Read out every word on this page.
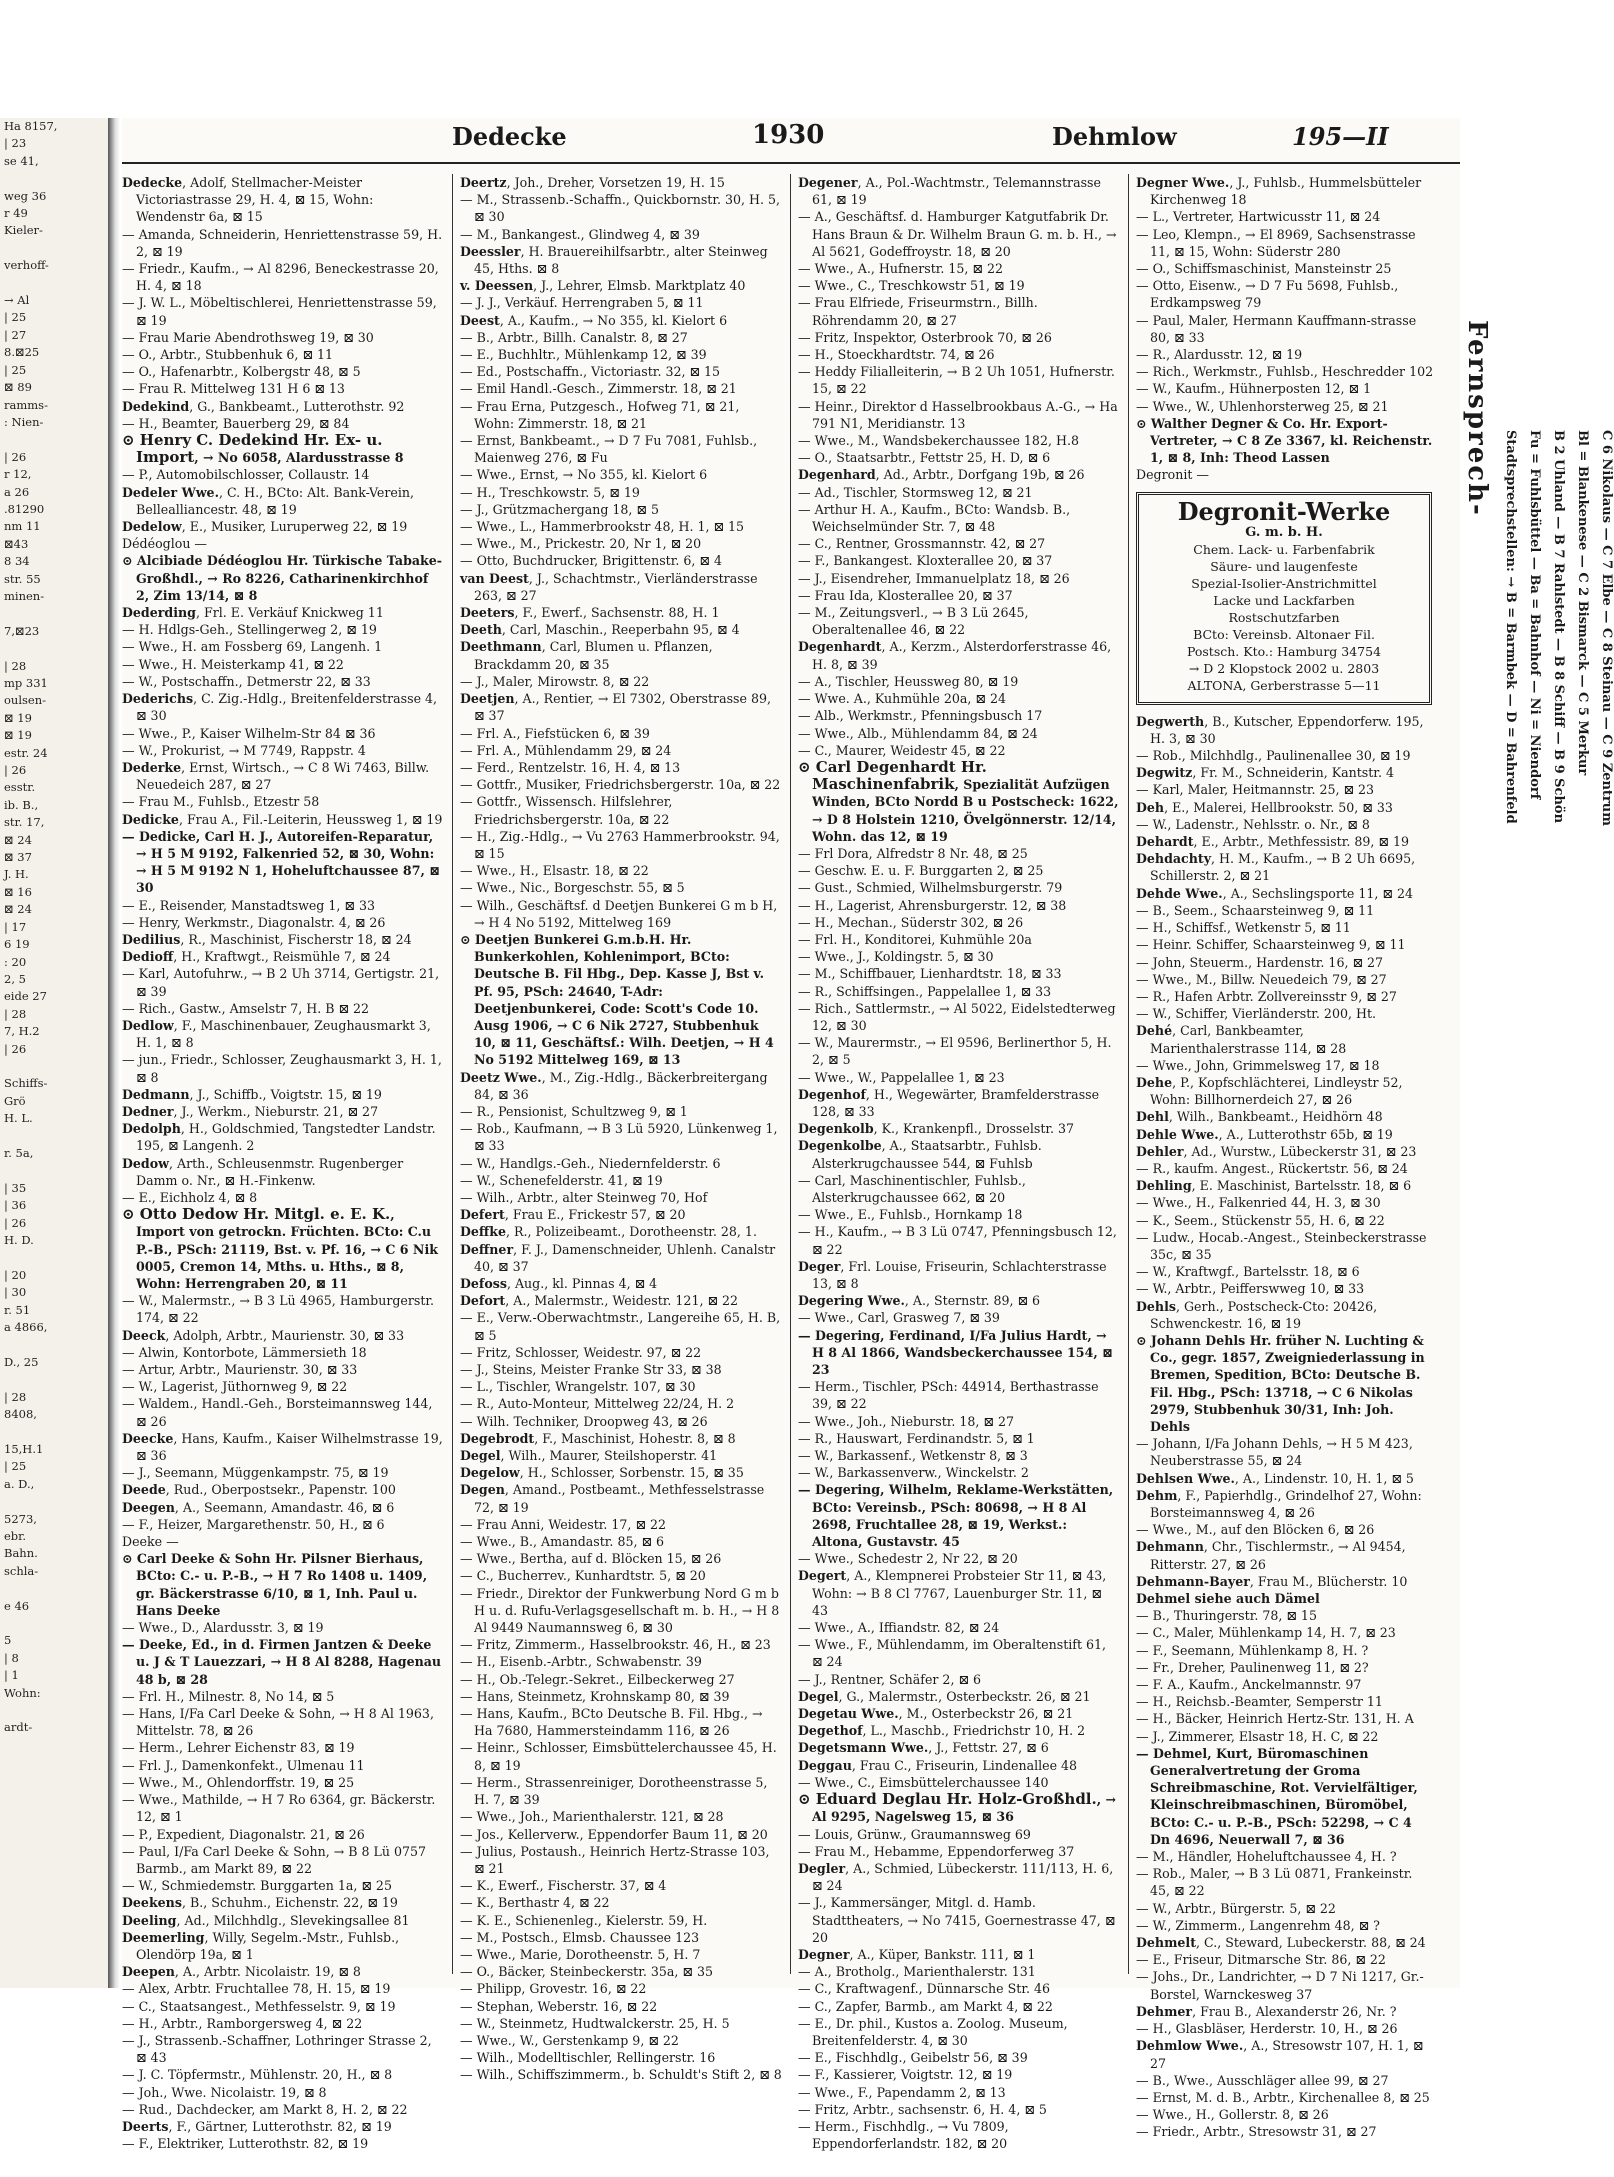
Ha 8157,
| 23
se 41,

weg 36
r 49
Kieler-

verhoff-

→ Al
| 25
| 27
8.⊠25
| 25
⊠ 89
ramms-
: Nien-

| 26
r 12,
a 26
.81290
nm 11
⊠43
8 34
str. 55
minen-

7,⊠23

| 28
mp 331
oulsen-
⊠ 19
⊠ 19
estr. 24
| 26
esstr.
ib. B.,
str. 17,
⊠ 24
⊠ 37
J. H.
⊠ 16
⊠ 24
| 17
6 19
: 20
2, 5
eide 27
| 28
7, H.2
| 26

Schiffs-
Grö
H. L.

r. 5a,

| 35
| 36
| 26
H. D.

| 20
| 30
r. 51
a 4866,

D., 25

| 28
8408,

15,H.1
| 25
a. D.,

5273,
ebr.
Bahn.
schla-

e 46

5
| 8
| 1
Wohn:

ardt-
Dedecke	1930	Dehmlow	195—II

Dedecke, Adolf, Stellmacher-Meister Victoriastrasse 29, H. 4, ⊠ 15, Wohn: Wendenstr 6a, ⊠ 15

— Amanda, Schneiderin, Henriettenstrasse 59, H. 2, ⊠ 19

— Friedr., Kaufm., → Al 8296, Beneckestrasse 20, H. 4, ⊠ 18

— J. W. L., Möbeltischlerei, Henriettenstrasse 59, ⊠ 19

— Frau Marie Abendrothsweg 19, ⊠ 30

— O., Arbtr., Stubbenhuk 6, ⊠ 11

— O., Hafenarbtr., Kolbergstr 48, ⊠ 5

— Frau R. Mittelweg 131 H 6 ⊠ 13

Dedekind, G., Bankbeamt., Lutterothstr. 92

— H., Beamter, Bauerberg 29, ⊠ 84

⊙ Henry C. Dedekind Hr. Ex- u. Import, → No 6058, Alardusstrasse 8

— P., Automobilschlosser, Collaustr. 14

Dedeler Wwe., C. H., BCto: Alt. Bank-Verein, Bellealliancestr. 48, ⊠ 19

Dedelow, E., Musiker, Luruperweg 22, ⊠ 19

Dédéoglou —

⊙ Alcibiade Dédéoglou Hr. Türkische Tabake-Großhdl., → Ro 8226, Catharinenkirchhof 2, Zim 13/14, ⊠ 8

Dederding, Frl. E. Verkäuf Knickweg 11

— H. Hdlgs-Geh., Stellingerweg 2, ⊠ 19

— Wwe., H. am Fossberg 69, Langenh. 1

— Wwe., H. Meisterkamp 41, ⊠ 22

— W., Postschaffn., Detmerstr 22, ⊠ 33

Dederichs, C. Zig.-Hdlg., Breitenfelderstrasse 4, ⊠ 30

— Wwe., P., Kaiser Wilhelm-Str 84 ⊠ 36

— W., Prokurist, → M 7749, Rappstr. 4

Dederke, Ernst, Wirtsch., → C 8 Wi 7463, Billw. Neuedeich 287, ⊠ 27

— Frau M., Fuhlsb., Etzestr 58

Dedicke, Frau A., Fil.-Leiterin, Heussweg 1, ⊠ 19

— Dedicke, Carl H. J., Autoreifen-Reparatur, → H 5 M 9192, Falkenried 52, ⊠ 30, Wohn: → H 5 M 9192 N 1, Hoheluftchaussee 87, ⊠ 30

— E., Reisender, Manstadtsweg 1, ⊠ 33

— Henry, Werkmstr., Diagonalstr. 4, ⊠ 26

Dedilius, R., Maschinist, Fischerstr 18, ⊠ 24

Dedioff, H., Kraftwgt., Reismühle 7, ⊠ 24

— Karl, Autofuhrw., → B 2 Uh 3714, Gertigstr. 21, ⊠ 39

— Rich., Gastw., Amselstr 7, H. B ⊠ 22

Dedlow, F., Maschinenbauer, Zeughausmarkt 3, H. 1, ⊠ 8

— jun., Friedr., Schlosser, Zeughausmarkt 3, H. 1, ⊠ 8

Dedmann, J., Schiffb., Voigtstr. 15, ⊠ 19

Dedner, J., Werkm., Nieburstr. 21, ⊠ 27

Dedolph, H., Goldschmied, Tangstedter Landstr. 195, ⊠ Langenh. 2

Dedow, Arth., Schleusenmstr. Rugenberger Damm o. Nr., ⊠ H.-Finkenw.

— E., Eichholz 4, ⊠ 8

⊙ Otto Dedow Hr. Mitgl. e. E. K., Import von getrockn. Früchten. BCto: C.u P.-B., PSch: 21119, Bst. v. Pf. 16, → C 6 Nik 0005, Cremon 14, Mths. u. Hths., ⊠ 8, Wohn: Herrengraben 20, ⊠ 11

— W., Malermstr., → B 3 Lü 4965, Hamburgerstr. 174, ⊠ 22

Deeck, Adolph, Arbtr., Maurienstr. 30, ⊠ 33

— Alwin, Kontorbote, Lämmersieth 18

— Artur, Arbtr., Maurienstr. 30, ⊠ 33

— W., Lagerist, Jüthornweg 9, ⊠ 22

— Waldem., Handl.-Geh., Borsteimannsweg 144, ⊠ 26

Deecke, Hans, Kaufm., Kaiser Wilhelmstrasse 19, ⊠ 36

— J., Seemann, Müggenkampstr. 75, ⊠ 19

Deede, Rud., Oberpostsekr., Papenstr. 100

Deegen, A., Seemann, Amandastr. 46, ⊠ 6

— F., Heizer, Margarethenstr. 50, H., ⊠ 6

Deeke —

⊙ Carl Deeke & Sohn Hr. Pilsner Bierhaus, BCto: C.- u. P.-B., → H 7 Ro 1408 u. 1409, gr. Bäckerstrasse 6/10, ⊠ 1, Inh. Paul u. Hans Deeke

— Wwe., D., Alardusstr. 3, ⊠ 19

— Deeke, Ed., in d. Firmen Jantzen & Deeke u. J & T Lauezzari, → H 8 Al 8288, Hagenau 48 b, ⊠ 28

— Frl. H., Milnestr. 8, No 14, ⊠ 5

— Hans, I/Fa Carl Deeke & Sohn, → H 8 Al 1963, Mittelstr. 78, ⊠ 26

— Herm., Lehrer Eichenstr 83, ⊠ 19

— Frl. J., Damenkonfekt., Ulmenau 11

— Wwe., M., Ohlendorffstr. 19, ⊠ 25

— Wwe., Mathilde, → H 7 Ro 6364, gr. Bäckerstr. 12, ⊠ 1

— P., Expedient, Diagonalstr. 21, ⊠ 26

— Paul, I/Fa Carl Deeke & Sohn, → B 8 Lü 0757 Barmb., am Markt 89, ⊠ 22

— W., Schmiedemstr. Burggarten 1a, ⊠ 25

Deekens, B., Schuhm., Eichenstr. 22, ⊠ 19

Deeling, Ad., Milchhdlg., Slevekingsallee 81

Deemerling, Willy, Segelm.-Mstr., Fuhlsb., Olendörp 19a, ⊠ 1

Deepen, A., Arbtr. Nicolaistr. 19, ⊠ 8

— Alex, Arbtr. Fruchtallee 78, H. 15, ⊠ 19

— C., Staatsangest., Methfesselstr. 9, ⊠ 19

— H., Arbtr., Ramborgersweg 4, ⊠ 22

— J., Strassenb.-Schaffner, Lothringer Strasse 2, ⊠ 43

— J. C. Töpfermstr., Mühlenstr. 20, H., ⊠ 8

— Joh., Wwe. Nicolaistr. 19, ⊠ 8

— Rud., Dachdecker, am Markt 8, H. 2, ⊠ 22

Deerts, F., Gärtner, Lutterothstr. 82, ⊠ 19

— F., Elektriker, Lutterothstr. 82, ⊠ 19

Deertz, Joh., Dreher, Vorsetzen 19, H. 15

— M., Strassenb.-Schaffn., Quickbornstr. 30, H. 5, ⊠ 30

— M., Bankangest., Glindweg 4, ⊠ 39

Deessler, H. Brauereihilfsarbtr., alter Steinweg 45, Hths. ⊠ 8

v. Deessen, J., Lehrer, Elmsb. Marktplatz 40

— J. J., Verkäuf. Herrengraben 5, ⊠ 11

Deest, A., Kaufm., → No 355, kl. Kielort 6

— B., Arbtr., Billh. Canalstr. 8, ⊠ 27

— E., Buchhltr., Mühlenkamp 12, ⊠ 39

— Ed., Postschaffn., Victoriastr. 32, ⊠ 15

— Emil Handl.-Gesch., Zimmerstr. 18, ⊠ 21

— Frau Erna, Putzgesch., Hofweg 71, ⊠ 21, Wohn: Zimmerstr. 18, ⊠ 21

— Ernst, Bankbeamt., → D 7 Fu 7081, Fuhlsb., Maienweg 276, ⊠ Fu

— Wwe., Ernst, → No 355, kl. Kielort 6

— H., Treschkowstr. 5, ⊠ 19

— J., Grützmachergang 18, ⊠ 5

— Wwe., L., Hammerbrookstr 48, H. 1, ⊠ 15

— Wwe., M., Prickestr. 20, Nr 1, ⊠ 20

— Otto, Buchdrucker, Brigittenstr. 6, ⊠ 4

van Deest, J., Schachtmstr., Vierländerstrasse 263, ⊠ 27

Deeters, F., Ewerf., Sachsenstr. 88, H. 1

Deeth, Carl, Maschin., Reeperbahn 95, ⊠ 4

Deethmann, Carl, Blumen u. Pflanzen, Brackdamm 20, ⊠ 35

— J., Maler, Mirowstr. 8, ⊠ 22

Deetjen, A., Rentier, → El 7302, Oberstrasse 89, ⊠ 37

— Frl. A., Fiefstücken 6, ⊠ 39

— Frl. A., Mühlendamm 29, ⊠ 24

— Ferd., Rentzelstr. 16, H. 4, ⊠ 13

— Gottfr., Musiker, Friedrichsbergerstr. 10a, ⊠ 22

— Gottfr., Wissensch. Hilfslehrer, Friedrichsbergerstr. 10a, ⊠ 22

— H., Zig.-Hdlg., → Vu 2763 Hammerbrookstr. 94, ⊠ 15

— Wwe., H., Elsastr. 18, ⊠ 22

— Wwe., Nic., Borgeschstr. 55, ⊠ 5

— Wilh., Geschäftsf. d Deetjen Bunkerei G m b H, → H 4 No 5192, Mittelweg 169

⊙ Deetjen Bunkerei G.m.b.H. Hr. Bunkerkohlen, Kohlenimport, BCto: Deutsche B. Fil Hbg., Dep. Kasse J, Bst v. Pf. 95, PSch: 24640, T-Adr: Deetjenbunkerei, Code: Scott's Code 10. Ausg 1906, → C 6 Nik 2727, Stubbenhuk 10, ⊠ 11, Geschäftsf.: Wilh. Deetjen, → H 4 No 5192 Mittelweg 169, ⊠ 13

Deetz Wwe., M., Zig.-Hdlg., Bäckerbreitergang 84, ⊠ 36

— R., Pensionist, Schultzweg 9, ⊠ 1

— Rob., Kaufmann, → B 3 Lü 5920, Lünkenweg 1, ⊠ 33

— W., Handlgs.-Geh., Niedernfelderstr. 6

— W., Schenefelderstr. 41, ⊠ 19

— Wilh., Arbtr., alter Steinweg 70, Hof

Defert, Frau E., Frickestr 57, ⊠ 20

Deffke, R., Polizeibeamt., Dorotheenstr. 28, 1.

Deffner, F. J., Damenschneider, Uhlenh. Canalstr 40, ⊠ 37

Defoss, Aug., kl. Pinnas 4, ⊠ 4

Defort, A., Malermstr., Weidestr. 121, ⊠ 22

— E., Verw.-Oberwachtmstr., Langereihe 65, H. B, ⊠ 5

— Fritz, Schlosser, Weidestr. 97, ⊠ 22

— J., Steins, Meister Franke Str 33, ⊠ 38

— L., Tischler, Wrangelstr. 107, ⊠ 30

— R., Auto-Monteur, Mittelweg 22/24, H. 2

— Wilh. Techniker, Droopweg 43, ⊠ 26

Degebrodt, F., Maschinist, Hohestr. 8, ⊠ 8

Degel, Wilh., Maurer, Steilshoperstr. 41

Degelow, H., Schlosser, Sorbenstr. 15, ⊠ 35

Degen, Amand., Postbeamt., Methfesselstrasse 72, ⊠ 19

— Frau Anni, Weidestr. 17, ⊠ 22

— Wwe., B., Amandastr. 85, ⊠ 6

— Wwe., Bertha, auf d. Blöcken 15, ⊠ 26

— C., Bucherrev., Kunhardtstr. 5, ⊠ 20

— Friedr., Direktor der Funkwerbung Nord G m b H u. d. Rufu-Verlagsgesellschaft m. b. H., → H 8 Al 9449 Naumannsweg 6, ⊠ 30

— Fritz, Zimmerm., Hasselbrookstr. 46, H., ⊠ 23

— H., Eisenb.-Arbtr., Schwabenstr. 39

— H., Ob.-Telegr.-Sekret., Eilbeckerweg 27

— Hans, Steinmetz, Krohnskamp 80, ⊠ 39

— Hans, Kaufm., BCto Deutsche B. Fil. Hbg., → Ha 7680, Hammersteindamm 116, ⊠ 26

— Heinr., Schlosser, Eimsbüttelerchaussee 45, H. 8, ⊠ 19

— Herm., Strassenreiniger, Dorotheenstrasse 5, H. 7, ⊠ 39

— Wwe., Joh., Marienthalerstr. 121, ⊠ 28

— Jos., Kellerverw., Eppendorfer Baum 11, ⊠ 20

— Julius, Postaush., Heinrich Hertz-Strasse 103, ⊠ 21

— K., Ewerf., Fischerstr. 37, ⊠ 4

— K., Berthastr 4, ⊠ 22

— K. E., Schienenleg., Kielerstr. 59, H.

— M., Postsch., Elmsb. Chaussee 123

— Wwe., Marie, Dorotheenstr. 5, H. 7

— O., Bäcker, Steinbeckerstr. 35a, ⊠ 35

— Philipp, Grovestr. 16, ⊠ 22

— Stephan, Weberstr. 16, ⊠ 22

— W., Steinmetz, Hudtwalckerstr. 25, H. 5

— Wwe., W., Gerstenkamp 9, ⊠ 22

— Wilh., Modelltischler, Rellingerstr. 16

— Wilh., Schiffszimmerm., b. Schuldt's Stift 2, ⊠ 8

Degener, A., Pol.-Wachtmstr., Telemannstrasse 61, ⊠ 19

— A., Geschäftsf. d. Hamburger Katgutfabrik Dr. Hans Braun & Dr. Wilhelm Braun G. m. b. H., → Al 5621, Godeffroystr. 18, ⊠ 20

— Wwe., A., Hufnerstr. 15, ⊠ 22

— Wwe., C., Treschkowstr 51, ⊠ 19

— Frau Elfriede, Friseurmstrn., Billh. Röhrendamm 20, ⊠ 27

— Fritz, Inspektor, Osterbrook 70, ⊠ 26

— H., Stoeckhardtstr. 74, ⊠ 26

— Heddy Filialleiterin, → B 2 Uh 1051, Hufnerstr. 15, ⊠ 22

— Heinr., Direktor d Hasselbrookbaus A.-G., → Ha 791 N1, Meridianstr. 13

— Wwe., M., Wandsbekerchaussee 182, H.8

— O., Staatsarbtr., Fettstr 25, H. D, ⊠ 6

Degenhard, Ad., Arbtr., Dorfgang 19b, ⊠ 26

— Ad., Tischler, Stormsweg 12, ⊠ 21

— Arthur H. A., Kaufm., BCto: Wandsb. B., Weichselmünder Str. 7, ⊠ 48

— C., Rentner, Grossmannstr. 42, ⊠ 27

— F., Bankangest. Kloxterallee 20, ⊠ 37

— J., Eisendreher, Immanuelplatz 18, ⊠ 26

— Frau Ida, Klosterallee 20, ⊠ 37

— M., Zeitungsverl., → B 3 Lü 2645, Oberaltenallee 46, ⊠ 22

Degenhardt, A., Kerzm., Alsterdorferstrasse 46, H. 8, ⊠ 39

— A., Tischler, Heussweg 80, ⊠ 19

— Wwe. A., Kuhmühle 20a, ⊠ 24

— Alb., Werkmstr., Pfenningsbusch 17

— Wwe., Alb., Mühlendamm 84, ⊠ 24

— C., Maurer, Weidestr 45, ⊠ 22

⊙ Carl Degenhardt Hr. Maschinenfabrik, Spezialität Aufzügen Winden, BCto Nordd B u Postscheck: 1622, → D 8 Holstein 1210, Övelgönnerstr. 12/14, Wohn. das 12, ⊠ 19

— Frl Dora, Alfredstr 8 Nr. 48, ⊠ 25

— Geschw. E. u. F. Burggarten 2, ⊠ 25

— Gust., Schmied, Wilhelmsburgerstr. 79

— H., Lagerist, Ahrensburgerstr. 12, ⊠ 38

— H., Mechan., Süderstr 302, ⊠ 26

— Frl. H., Konditorei, Kuhmühle 20a

— Wwe., J., Koldingstr. 5, ⊠ 30

— M., Schiffbauer, Lienhardtstr. 18, ⊠ 33

— R., Schiffsingen., Pappelallee 1, ⊠ 33

— Rich., Sattlermstr., → Al 5022, Eidelstedterweg 12, ⊠ 30

— W., Maurermstr., → El 9596, Berlinerthor 5, H. 2, ⊠ 5

— Wwe., W., Pappelallee 1, ⊠ 23

Degenhof, H., Wegewärter, Bramfelderstrasse 128, ⊠ 33

Degenkolb, K., Krankenpfl., Drosselstr. 37

Degenkolbe, A., Staatsarbtr., Fuhlsb. Alsterkrugchaussee 544, ⊠ Fuhlsb

— Carl, Maschinentischler, Fuhlsb., Alsterkrugchaussee 662, ⊠ 20

— Wwe., E., Fuhlsb., Hornkamp 18

— H., Kaufm., → B 3 Lü 0747, Pfenningsbusch 12, ⊠ 22

Deger, Frl. Louise, Friseurin, Schlachterstrasse 13, ⊠ 8

Degering Wwe., A., Sternstr. 89, ⊠ 6

— Wwe., Carl, Grasweg 7, ⊠ 39

— Degering, Ferdinand, I/Fa Julius Hardt, → H 8 Al 1866, Wandsbeckerchaussee 154, ⊠ 23

— Herm., Tischler, PSch: 44914, Berthastrasse 39, ⊠ 22

— Wwe., Joh., Nieburstr. 18, ⊠ 27

— R., Hauswart, Ferdinandstr. 5, ⊠ 1

— W., Barkassenf., Wetkenstr 8, ⊠ 3

— W., Barkassenverw., Winckelstr. 2

— Degering, Wilhelm, Reklame-Werkstätten, BCto: Vereinsb., PSch: 80698, → H 8 Al 2698, Fruchtallee 28, ⊠ 19, Werkst.: Altona, Gustavstr. 45

— Wwe., Schedestr 2, Nr 22, ⊠ 20

Degert, A., Klempnerei Probsteier Str 11, ⊠ 43, Wohn: → B 8 Cl 7767, Lauenburger Str. 11, ⊠ 43

— Wwe., A., Iffiandstr. 82, ⊠ 24

— Wwe., F., Mühlendamm, im Oberaltenstift 61, ⊠ 24

— J., Rentner, Schäfer 2, ⊠ 6

Degel, G., Malermstr., Osterbeckstr. 26, ⊠ 21

Degetau Wwe., M., Osterbeckstr 26, ⊠ 21

Degethof, L., Maschb., Friedrichstr 10, H. 2

Degetsmann Wwe., J., Fettstr. 27, ⊠ 6

Deggau, Frau C., Friseurin, Lindenallee 48

— Wwe., C., Eimsbüttelerchaussee 140

⊙ Eduard Deglau Hr. Holz-Großhdl., → Al 9295, Nagelsweg 15, ⊠ 36

— Louis, Grünw., Graumannsweg 69

— Frau M., Hebamme, Eppendorferweg 37

Degler, A., Schmied, Lübeckerstr. 111/113, H. 6, ⊠ 24

— J., Kammersänger, Mitgl. d. Hamb. Stadttheaters, → No 7415, Goernestrasse 47, ⊠ 20

Degner, A., Küper, Bankstr. 111, ⊠ 1

— A., Brotholg., Marienthalerstr. 131

— C., Kraftwagenf., Dünnarsche Str. 46

— C., Zapfer, Barmb., am Markt 4, ⊠ 22

— E., Dr. phil., Kustos a. Zoolog. Museum, Breitenfelderstr. 4, ⊠ 30

— E., Fischhdlg., Geibelstr 56, ⊠ 39

— F., Kassierer, Voigtstr. 12, ⊠ 19

— Wwe., F., Papendamm 2, ⊠ 13

— Fritz, Arbtr., sachsenstr. 6, H. 4, ⊠ 5

— Herm., Fischhdlg., → Vu 7809, Eppendorferlandstr. 182, ⊠ 20

Degner Wwe., J., Fuhlsb., Hummelsbütteler Kirchenweg 18

— L., Vertreter, Hartwicusstr 11, ⊠ 24

— Leo, Klempn., → El 8969, Sachsenstrasse 11, ⊠ 15, Wohn: Süderstr 280

— O., Schiffsmaschinist, Mansteinstr 25

— Otto, Eisenw., → D 7 Fu 5698, Fuhlsb., Erdkampsweg 79

— Paul, Maler, Hermann Kauffmann-strasse 80, ⊠ 33

— R., Alardusstr. 12, ⊠ 19

— Rich., Werkmstr., Fuhlsb., Heschredder 102

— W., Kaufm., Hühnerposten 12, ⊠ 1

— Wwe., W., Uhlenhorsterweg 25, ⊠ 21

⊙ Walther Degner & Co. Hr. Export-Vertreter, → C 8 Ze 3367, kl. Reichenstr. 1, ⊠ 8, Inh: Theod Lassen

Degronit —

Degronit-Werke
G. m. b. H.
Chem. Lack- u. Farbenfabrik
Säure- und laugenfeste
Spezial-Isolier-Anstrichmittel
Lacke und Lackfarben
Rostschutzfarben
BCto: Vereinsb. Altonaer Fil.
Postsch. Kto.: Hamburg 34754
→ D 2 Klopstock 2002 u. 2803
ALTONA, Gerberstrasse 5—11

Degwerth, B., Kutscher, Eppendorferw. 195, H. 3, ⊠ 30

— Rob., Milchhdlg., Paulinenallee 30, ⊠ 19

Degwitz, Fr. M., Schneiderin, Kantstr. 4

— Karl, Maler, Heitmannstr. 25, ⊠ 23

Deh, E., Malerei, Hellbrookstr. 50, ⊠ 33

— W., Ladenstr., Nehlsstr. o. Nr., ⊠ 8

Dehardt, E., Arbtr., Methfessistr. 89, ⊠ 19

Dehdachty, H. M., Kaufm., → B 2 Uh 6695, Schillerstr. 2, ⊠ 21

Dehde Wwe., A., Sechslingsporte 11, ⊠ 24

— B., Seem., Schaarsteinweg 9, ⊠ 11

— H., Schiffsf., Wetkenstr 5, ⊠ 11

— Heinr. Schiffer, Schaarsteinweg 9, ⊠ 11

— John, Steuerm., Hardenstr. 16, ⊠ 27

— Wwe., M., Billw. Neuedeich 79, ⊠ 27

— R., Hafen Arbtr. Zollvereinsstr 9, ⊠ 27

— W., Schiffer, Vierländerstr. 200, Ht.

Dehé, Carl, Bankbeamter, Marienthalerstrasse 114, ⊠ 28

— Wwe., John, Grimmelsweg 17, ⊠ 18

Dehe, P., Kopfschlächterei, Lindleystr 52, Wohn: Billhornerdeich 27, ⊠ 26

Dehl, Wilh., Bankbeamt., Heidhörn 48

Dehle Wwe., A., Lutterothstr 65b, ⊠ 19

Dehler, Ad., Wurstw., Lübeckerstr 31, ⊠ 23

— R., kaufm. Angest., Rückertstr. 56, ⊠ 24

Dehling, E. Maschinist, Bartelsstr. 18, ⊠ 6

— Wwe., H., Falkenried 44, H. 3, ⊠ 30

— K., Seem., Stückenstr 55, H. 6, ⊠ 22

— Ludw., Hocab.-Angest., Steinbeckerstrasse 35c, ⊠ 35

— W., Kraftwgf., Bartelsstr. 18, ⊠ 6

— W., Arbtr., Peifferswweg 10, ⊠ 33

Dehls, Gerh., Postscheck-Cto: 20426, Schwenckestr. 16, ⊠ 19

⊙ Johann Dehls Hr. früher N. Luchting & Co., gegr. 1857, Zweigniederlassung in Bremen, Spedition, BCto: Deutsche B. Fil. Hbg., PSch: 13718, → C 6 Nikolas 2979, Stubbenhuk 30/31, Inh: Joh. Dehls

— Johann, I/Fa Johann Dehls, → H 5 M 423, Neuberstrasse 55, ⊠ 24

Dehlsen Wwe., A., Lindenstr. 10, H. 1, ⊠ 5

Dehm, F., Papierhdlg., Grindelhof 27, Wohn: Borsteimannsweg 4, ⊠ 26

— Wwe., M., auf den Blöcken 6, ⊠ 26

Dehmann, Chr., Tischlermstr., → Al 9454, Ritterstr. 27, ⊠ 26

Dehmann-Bayer, Frau M., Blücherstr. 10

Dehmel siehe auch Dämel

— B., Thuringerstr. 78, ⊠ 15

— C., Maler, Mühlenkamp 14, H. 7, ⊠ 23

— F., Seemann, Mühlenkamp 8, H. ?

— Fr., Dreher, Paulinenweg 11, ⊠ 2?

— F. A., Kaufm., Anckelmannstr. 97

— H., Reichsb.-Beamter, Semperstr 11

— H., Bäcker, Heinrich Hertz-Str. 131, H. A

— J., Zimmerer, Elsastr 18, H. C, ⊠ 22

— Dehmel, Kurt, Büromaschinen Generalvertretung der Groma Schreibmaschine, Rot. Vervielfältiger, Kleinschreibmaschinen, Büromöbel, BCto: C.- u. P.-B., PSch: 52298, → C 4 Dn 4696, Neuerwall 7, ⊠ 36

— M., Händler, Hoheluftchaussee 4, H. ?

— Rob., Maler, → B 3 Lü 0871, Frankeinstr. 45, ⊠ 22

— W., Arbtr., Bürgerstr. 5, ⊠ 22

— W., Zimmerm., Langenrehm 48, ⊠ ?

Dehmelt, C., Steward, Lubeckerstr. 88, ⊠ 24

— E., Friseur, Ditmarsche Str. 86, ⊠ 22

— Johs., Dr., Landrichter, → D 7 Ni 1217, Gr.-Borstel, Warnckesweg 37

Dehmer, Frau B., Alexanderstr 26, Nr. ?

— H., Glasbläser, Herderstr. 10, H., ⊠ 26

Dehmlow Wwe., A., Stresowstr 107, H. 1, ⊠ 27

— B., Wwe., Ausschläger allee 99, ⊠ 27

— Ernst, M. d. B., Arbtr., Kirchenallee 8, ⊠ 25

— Wwe., H., Gollerstr. 8, ⊠ 26

— Friedr., Arbtr., Stresowstr 31, ⊠ 27

Fernsprech-
Stadtsprechstellen: → B = Barmbek — D = Bahrenfeld Fu = Fuhlsbüttel — Ba = Bahnhof — Ni = Niendorf B 2 Uhland — B 7 Rahlstedt — B 8 Schiff — B 9 Schön Bl = Blankenese — C 2 Bismarck — C 5 Merkur C 6 Nikolaus — C 7 Elbe — C 8 Steinau — C 9 Zentrum
